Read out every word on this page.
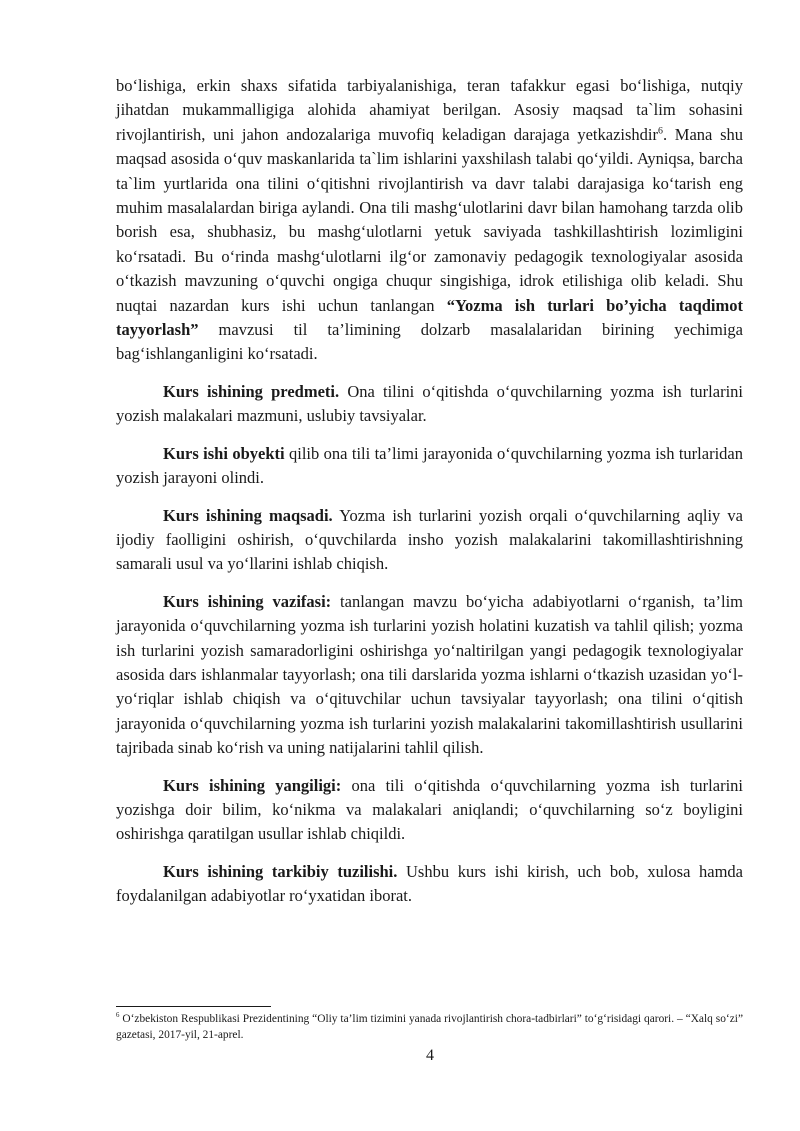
bo‘lishiga, erkin shaxs sifatida tarbiyalanishiga, teran tafakkur egasi bo‘lishiga, nutqiy jihatdan mukammalligiga alohida ahamiyat berilgan. Asosiy maqsad ta`lim sohasini rivojlantirish, uni jahon andozalariga muvofiq keladigan darajaga yetkazishdir$^6$. Mana shu maqsad asosida o‘quv maskanlarida ta`lim ishlarini yaxshilash talabi qo‘yildi. Ayniqsa, barcha ta`lim yurtlarida ona tilini o‘qitishni rivojlantirish va davr talabi darajasiga ko‘tarish eng muhim masalalardan biriga aylandi. Ona tili mashg‘ulotlarini davr bilan hamohang tarzda olib borish esa, shubhasiz, bu mashg‘ulotlarni yetuk saviyada tashkillashtirish lozimligini ko‘rsatadi. Bu o‘rinda mashg‘ulotlarni ilg‘or zamonaviy pedagogik texnologiyalar asosida o‘tkazish mavzuning o‘quvchi ongiga chuqur singishiga, idrok etilishiga olib keladi. Shu nuqtai nazardan kurs ishi uchun tanlangan “Yozma ish turlari bo’yicha taqdimot tayyorlash” mavzusi til ta’limining dolzarb masalalaridan birining yechimiga bag‘ishlanganligini ko‘rsatadi.

Kurs ishining predmeti. Ona tilini o‘qitishda o‘quvchilarning yozma ish turlarini yozish malakalari mazmuni, uslubiy tavsiyalar.

Kurs ishi obyekti qilib ona tili ta’limi jarayonida o‘quvchilarning yozma ish turlaridan yozish jarayoni olindi.

Kurs ishining maqsadi. Yozma ish turlarini yozish orqali o‘quvchilarning aqliy va ijodiy faolligini oshirish, o‘quvchilarda insho yozish malakalarini takomillashtirishning samarali usul va yo‘llarini ishlab chiqish.

Kurs ishining vazifasi: tanlangan mavzu bo‘yicha adabiyotlarni o‘rganish, ta’lim jarayonida o‘quvchilarning yozma ish turlarini yozish holatini kuzatish va tahlil qilish; yozma ish turlarini yozish samaradorligini oshirishga yo‘naltirilgan yangi pedagogik texnologiyalar asosida dars ishlanmalar tayyorlash; ona tili darslarida yozma ishlarni o‘tkazish uzasidan yo‘l-yo‘riqlar ishlab chiqish va o‘qituvchilar uchun tavsiyalar tayyorlash; ona tilini o‘qitish jarayonida o‘quvchilarning yozma ish turlarini yozish malakalarini takomillashtirish usullarini tajribada sinab ko‘rish va uning natijalarini tahlil qilish.

Kurs ishining yangiligi: ona tili o‘qitishda o‘quvchilarning yozma ish turlarini yozishga doir bilim, ko‘nikma va malakalari aniqlandi; o‘quvchilarning so‘z boyligini oshirishga qaratilgan usullar ishlab chiqildi.

Kurs ishining tarkibiy tuzilishi. Ushbu kurs ishi kirish, uch bob, xulosa hamda foydalanilgan adabiyotlar ro‘yxatidan iborat.

$^6$ O‘zbekiston Respublikasi Prezidentining “Oliy ta’lim tizimini yanada rivojlantirish chora-tadbirlari” to‘g‘risidagi qarori. – “Xalq so‘zi” gazetasi, 2017-yil, 21-aprel.
4
